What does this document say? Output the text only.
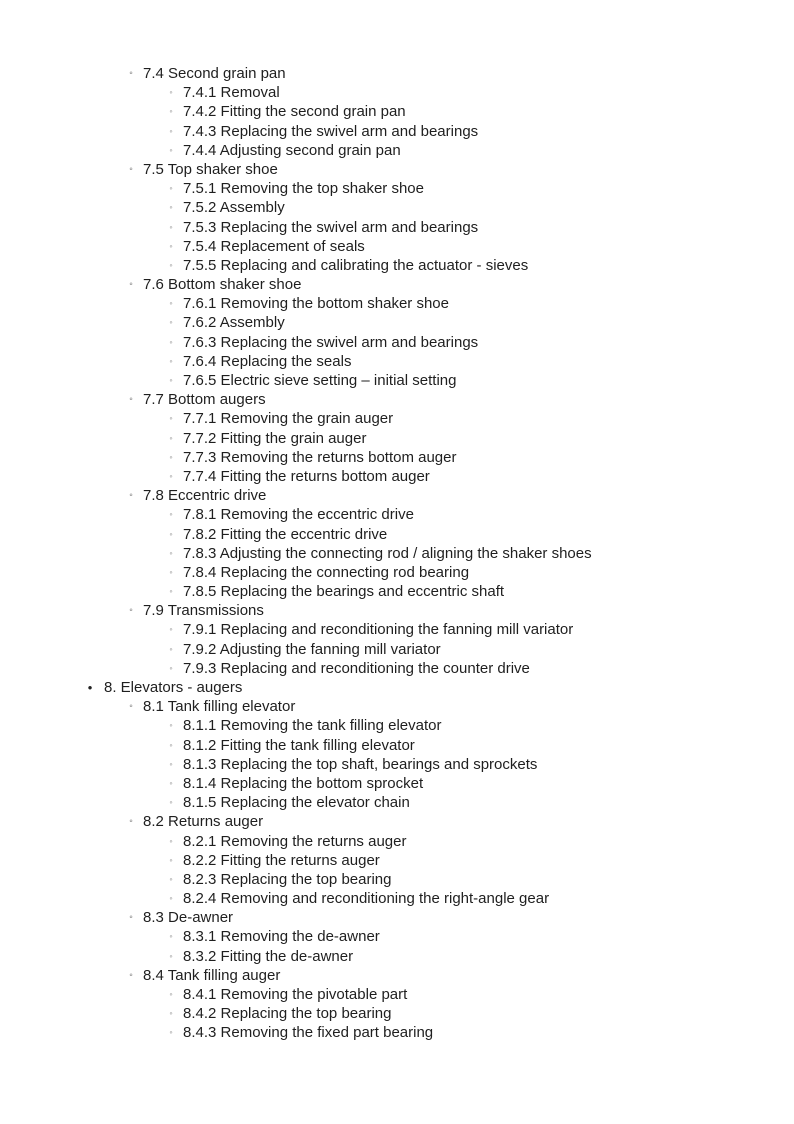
◦ 7.4 Second grain pan
◦ 7.4.1 Removal
◦ 7.4.2 Fitting the second grain pan
◦ 7.4.3 Replacing the swivel arm and bearings
◦ 7.4.4 Adjusting second grain pan
◦ 7.5 Top shaker shoe
◦ 7.5.1 Removing the top shaker shoe
◦ 7.5.2 Assembly
◦ 7.5.3 Replacing the swivel arm and bearings
◦ 7.5.4 Replacement of seals
◦ 7.5.5 Replacing and calibrating the actuator - sieves
◦ 7.6 Bottom shaker shoe
◦ 7.6.1 Removing the bottom shaker shoe
◦ 7.6.2 Assembly
◦ 7.6.3 Replacing the swivel arm and bearings
◦ 7.6.4 Replacing the seals
◦ 7.6.5 Electric sieve setting – initial setting
◦ 7.7 Bottom augers
◦ 7.7.1 Removing the grain auger
◦ 7.7.2 Fitting the grain auger
◦ 7.7.3 Removing the returns bottom auger
◦ 7.7.4 Fitting the returns bottom auger
◦ 7.8 Eccentric drive
◦ 7.8.1 Removing the eccentric drive
◦ 7.8.2 Fitting the eccentric drive
◦ 7.8.3 Adjusting the connecting rod / aligning the shaker shoes
◦ 7.8.4 Replacing the connecting rod bearing
◦ 7.8.5 Replacing the bearings and eccentric shaft
◦ 7.9 Transmissions
◦ 7.9.1 Replacing and reconditioning the fanning mill variator
◦ 7.9.2 Adjusting the fanning mill variator
◦ 7.9.3 Replacing and reconditioning the counter drive
• 8. Elevators - augers
◦ 8.1 Tank filling elevator
◦ 8.1.1 Removing the tank filling elevator
◦ 8.1.2 Fitting the tank filling elevator
◦ 8.1.3 Replacing the top shaft, bearings and sprockets
◦ 8.1.4 Replacing the bottom sprocket
◦ 8.1.5 Replacing the elevator chain
◦ 8.2 Returns auger
◦ 8.2.1 Removing the returns auger
◦ 8.2.2 Fitting the returns auger
◦ 8.2.3 Replacing the top bearing
◦ 8.2.4 Removing and reconditioning the right-angle gear
◦ 8.3 De-awner
◦ 8.3.1 Removing the de-awner
◦ 8.3.2 Fitting the de-awner
◦ 8.4 Tank filling auger
◦ 8.4.1 Removing the pivotable part
◦ 8.4.2 Replacing the top bearing
◦ 8.4.3 Removing the fixed part bearing
